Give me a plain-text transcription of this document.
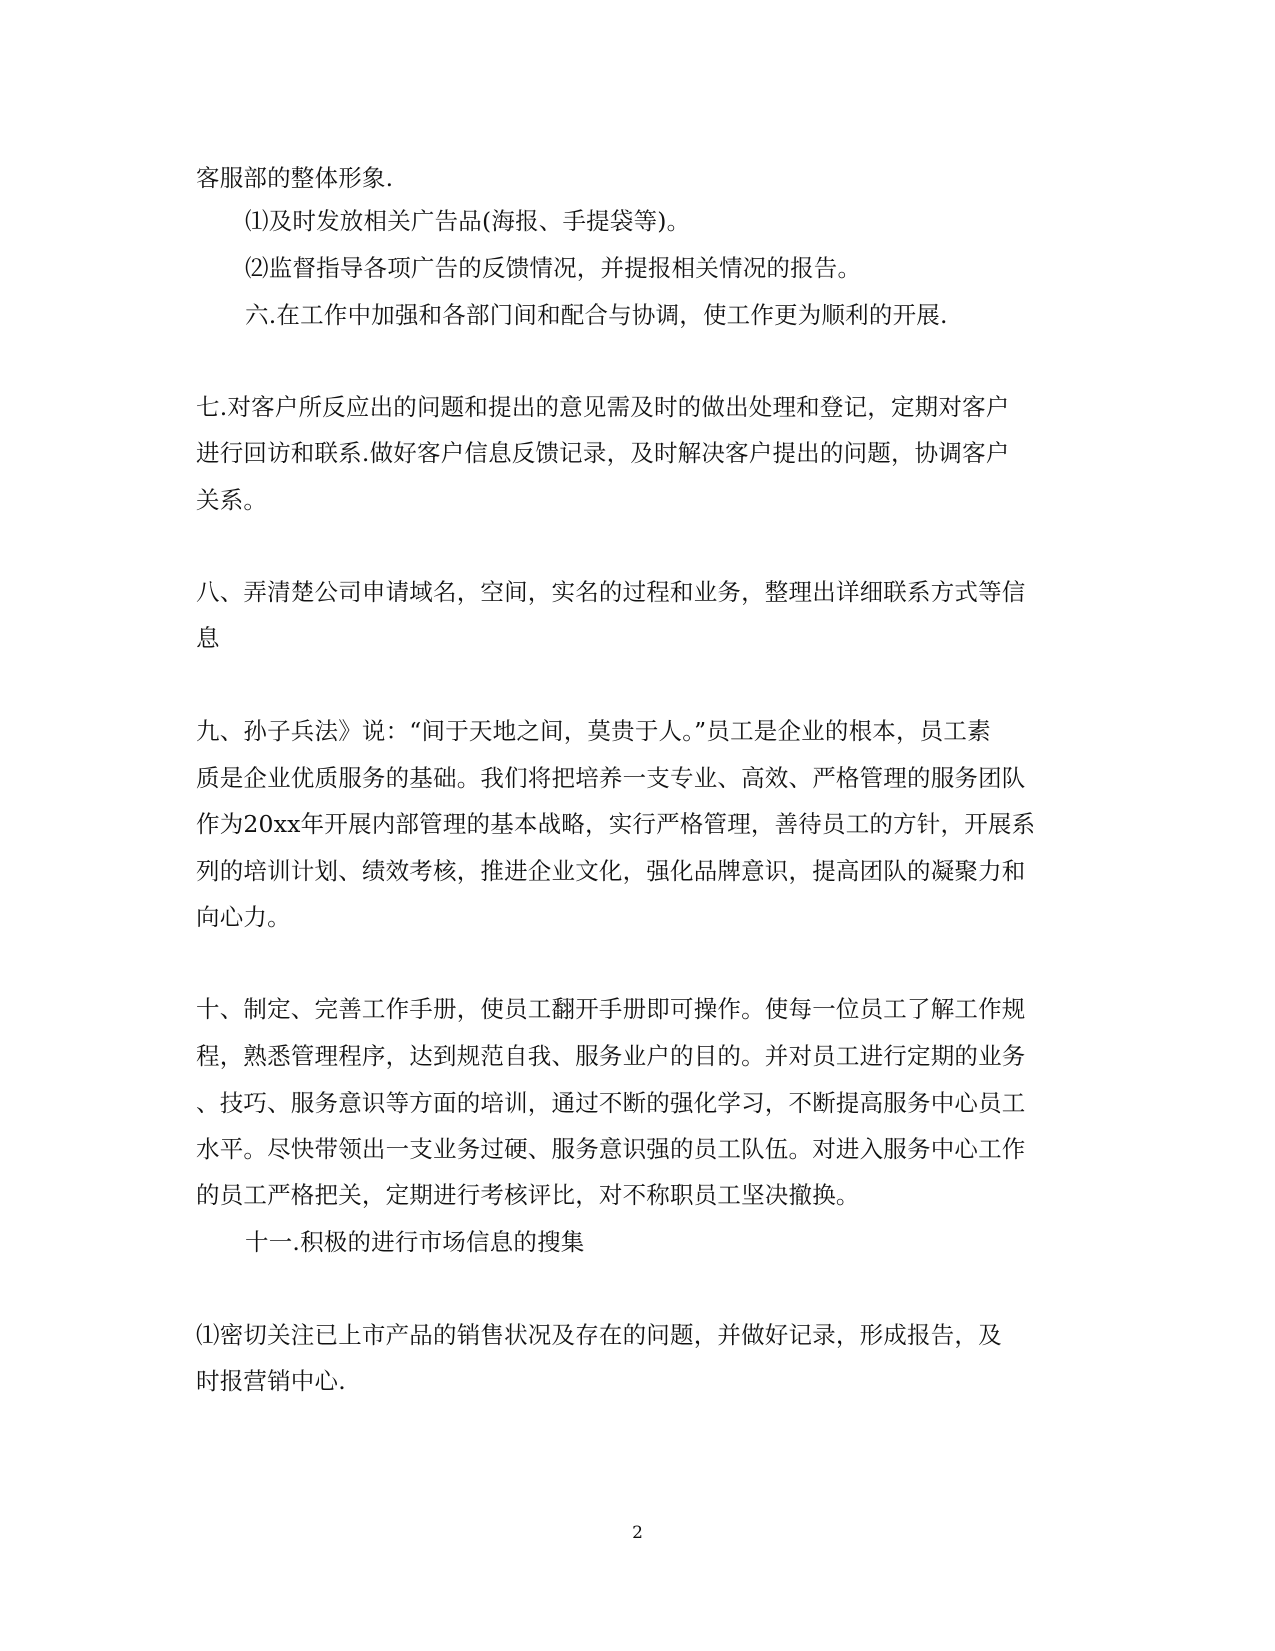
客服部的整体形象.
⑴及时发放相关广告品(海报、手提袋等)。
⑵监督指导各项广告的反馈情况，并提报相关情况的报告。
六.在工作中加强和各部门间和配合与协调，使工作更为顺利的开展.
七.对客户所反应出的问题和提出的意见需及时的做出处理和登记，定期对客户
进行回访和联系.做好客户信息反馈记录，及时解决客户提出的问题，协调客户
关系。
八、弄清楚公司申请域名，空间，实名的过程和业务，整理出详细联系方式等信
息
九、孙子兵法》说：“间于天地之间，莫贵于人。”员工是企业的根本，员工素
质是企业优质服务的基础。我们将把培养一支专业、高效、严格管理的服务团队
作为20xx年开展内部管理的基本战略，实行严格管理，善待员工的方针，开展系
列的培训计划、绩效考核，推进企业文化，强化品牌意识，提高团队的凝聚力和
向心力。
十、制定、完善工作手册，使员工翻开手册即可操作。使每一位员工了解工作规
程，熟悉管理程序，达到规范自我、服务业户的目的。并对员工进行定期的业务
、技巧、服务意识等方面的培训，通过不断的强化学习，不断提高服务中心员工
水平。尽快带领出一支业务过硬、服务意识强的员工队伍。对进入服务中心工作
的员工严格把关，定期进行考核评比，对不称职员工坚决撤换。
十一.积极的进行市场信息的搜集
⑴密切关注已上市产品的销售状况及存在的问题，并做好记录，形成报告，及
时报营销中心.
2
